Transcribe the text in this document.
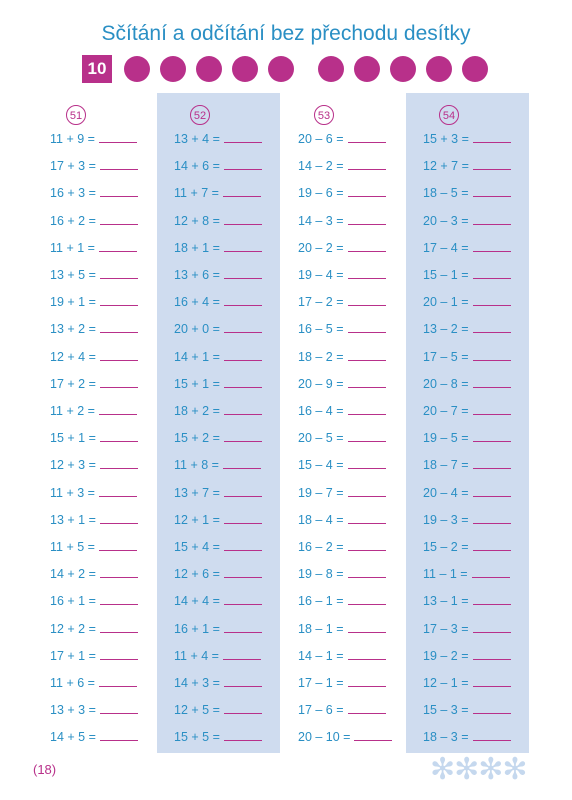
Sčítání a odčítání bez přechodu desítky
10
51
11 + 9 =
17 + 3 =
16 + 3 =
16 + 2 =
11 + 1 =
13 + 5 =
19 + 1 =
13 + 2 =
12 + 4 =
17 + 2 =
11 + 2 =
15 + 1 =
12 + 3 =
11 + 3 =
13 + 1 =
11 + 5 =
14 + 2 =
16 + 1 =
12 + 2 =
17 + 1 =
11 + 6 =
13 + 3 =
14 + 5 =
52
13 + 4 =
14 + 6 =
11 + 7 =
12 + 8 =
18 + 1 =
13 + 6 =
16 + 4 =
20 + 0 =
14 + 1 =
15 + 1 =
18 + 2 =
15 + 2 =
11 + 8 =
13 + 7 =
12 + 1 =
15 + 4 =
12 + 6 =
14 + 4 =
16 + 1 =
11 + 4 =
14 + 3 =
12 + 5 =
15 + 5 =
53
20 – 6 =
14 – 2 =
19 – 6 =
14 – 3 =
20 – 2 =
19 – 4 =
17 – 2 =
16 – 5 =
18 – 2 =
20 – 9 =
16 – 4 =
20 – 5 =
15 – 4 =
19 – 7 =
18 – 4 =
16 – 2 =
19 – 8 =
16 – 1 =
18 – 1 =
14 – 1 =
17 – 1 =
17 – 6 =
20 – 10 =
54
15 + 3 =
12 + 7 =
18 – 5 =
20 – 3 =
17 – 4 =
15 – 1 =
20 – 1 =
13 – 2 =
17 – 5 =
20 – 8 =
20 – 7 =
19 – 5 =
18 – 7 =
20 – 4 =
19 – 3 =
15 – 2 =
11 – 1 =
13 – 1 =
17 – 3 =
19 – 2 =
12 – 1 =
15 – 3 =
18 – 3 =
(18)	✻✻✻✻
